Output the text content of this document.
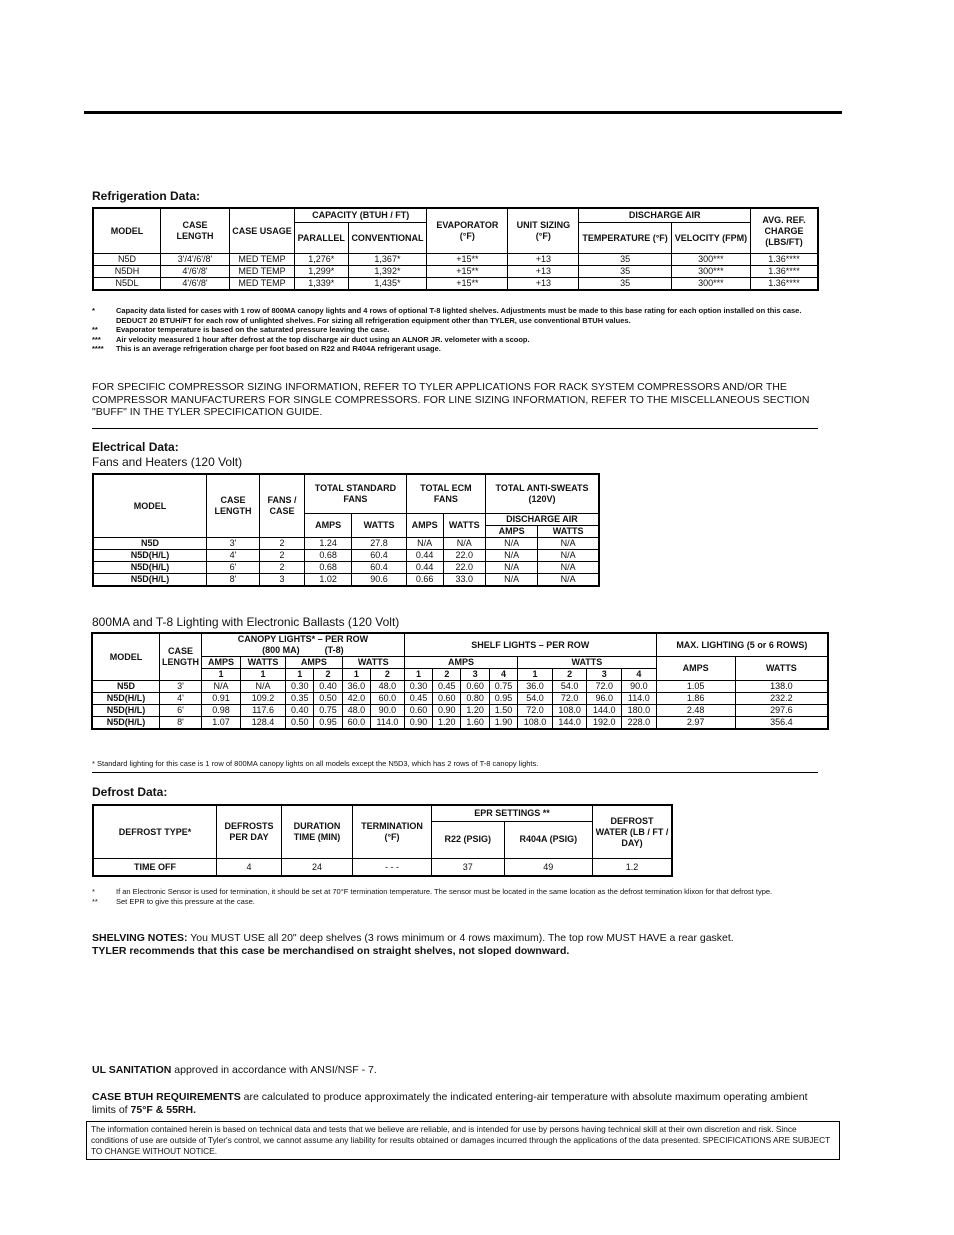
Refrigeration Data:
MODEL	CASE LENGTH	CASE USAGE	CAPACITY (BTUH / FT)		EVAPORATOR (°F)	UNIT SIZING (°F)	DISCHARGE AIR		AVG. REF. CHARGE (LBS/FT)
			PARALLEL	CONVENTIONAL			TEMPERATURE (°F)	VELOCITY (FPM)	
N5D	3'/4'/6'/8'	MED TEMP	1,276*	1,367*	+15**	+13	35	300***	1.36****
N5DH	4'/6'/8'	MED TEMP	1,299*	1,392*	+15**	+13	35	300***	1.36****
N5DL	4'/6'/8'	MED TEMP	1,339*	1,435*	+15**	+13	35	300***	1.36****
*	Capacity data listed for cases with 1 row of 800MA canopy lights and 4 rows of optional T-8 lighted shelves. Adjustments must be made to this base rating for each option installed on this case. DEDUCT 20 BTUH/FT for each row of unlighted shelves. For sizing all refrigeration equipment other than TYLER, use conventional BTUH values.
**	Evaporator temperature is based on the saturated pressure leaving the case.
***	Air velocity measured 1 hour after defrost at the top discharge air duct using an ALNOR JR. velometer with a scoop.
****	This is an average refrigeration charge per foot based on R22 and R404A refrigerant usage.
FOR SPECIFIC COMPRESSOR SIZING INFORMATION, REFER TO TYLER APPLICATIONS FOR RACK SYSTEM COMPRESSORS AND/OR THE COMPRESSOR MANUFACTURERS FOR SINGLE COMPRESSORS. FOR LINE SIZING INFORMATION, REFER TO THE MISCELLANEOUS SECTION "BUFF" IN THE TYLER SPECIFICATION GUIDE.
Electrical Data:
Fans and Heaters (120 Volt)
MODEL	CASE LENGTH	FANS / CASE	TOTAL STANDARD FANS		TOTAL ECM FANS		TOTAL ANTI-SWEATS (120V)	
			AMPS	WATTS	AMPS	WATTS	DISCHARGE AIR	
							AMPS	WATTS
N5D	3'	2	1.24	27.8	N/A	N/A	N/A	N/A
N5D(H/L)	4'	2	0.68	60.4	0.44	22.0	N/A	N/A
N5D(H/L)	6'	2	0.68	60.4	0.44	22.0	N/A	N/A
N5D(H/L)	8'	3	1.02	90.6	0.66	33.0	N/A	N/A
800MA and T-8 Lighting with Electronic Ballasts (120 Volt)
MODEL	CASE LENGTH	CANOPY LIGHTS* – PER ROW
(800 MA) (T-8)						SHELF LIGHTS – PER ROW								MAX. LIGHTING (5 or 6 ROWS)	
		AMPS	WATTS	AMPS		WATTS		AMPS				WATTS				AMPS	WATTS
		1	1	1	2	1	2	1	2	3	4	1	2	3	4		
N5D	3'	N/A	N/A	0.30	0.40	36.0	48.0	0.30	0.45	0.60	0.75	36.0	54.0	72.0	90.0	1.05	138.0
N5D(H/L)	4'	0.91	109.2	0.35	0.50	42.0	60.0	0.45	0.60	0.80	0.95	54.0	72.0	96.0	114.0	1.86	232.2
N5D(H/L)	6'	0.98	117.6	0.40	0.75	48.0	90.0	0.60	0.90	1.20	1.50	72.0	108.0	144.0	180.0	2.48	297.6
N5D(H/L)	8'	1.07	128.4	0.50	0.95	60.0	114.0	0.90	1.20	1.60	1.90	108.0	144.0	192.0	228.0	2.97	356.4
* Standard lighting for this case is 1 row of 800MA canopy lights on all models except the N5D3, which has 2 rows of T-8 canopy lights.
Defrost Data:
DEFROST TYPE*	DEFROSTS PER DAY	DURATION TIME (MIN)	TERMINATION (°F)	EPR SETTINGS **		DEFROST WATER (LB / FT / DAY)
				R22 (PSIG)	R404A (PSIG)	
TIME OFF	4	24	- - -	37	49	1.2
*	If an Electronic Sensor is used for termination, it should be set at 70°F termination temperature. The sensor must be located in the same location as the defrost termination klixon for that defrost type.
**	Set EPR to give this pressure at the case.
SHELVING NOTES: You MUST USE all 20" deep shelves (3 rows minimum or 4 rows maximum). The top row MUST HAVE a rear gasket.
TYLER recommends that this case be merchandised on straight shelves, not sloped downward.
UL SANITATION approved in accordance with ANSI/NSF - 7.
CASE BTUH REQUIREMENTS are calculated to produce approximately the indicated entering-air temperature with absolute maximum operating ambient limits of 75°F & 55RH.
The information contained herein is based on technical data and tests that we believe are reliable, and is intended for use by persons having technical skill at their own discretion and risk. Since conditions of use are outside of Tyler's control, we cannot assume any liability for results obtained or damages incurred through the applications of the data presented. SPECIFICATIONS ARE SUBJECT TO CHANGE WITHOUT NOTICE.
